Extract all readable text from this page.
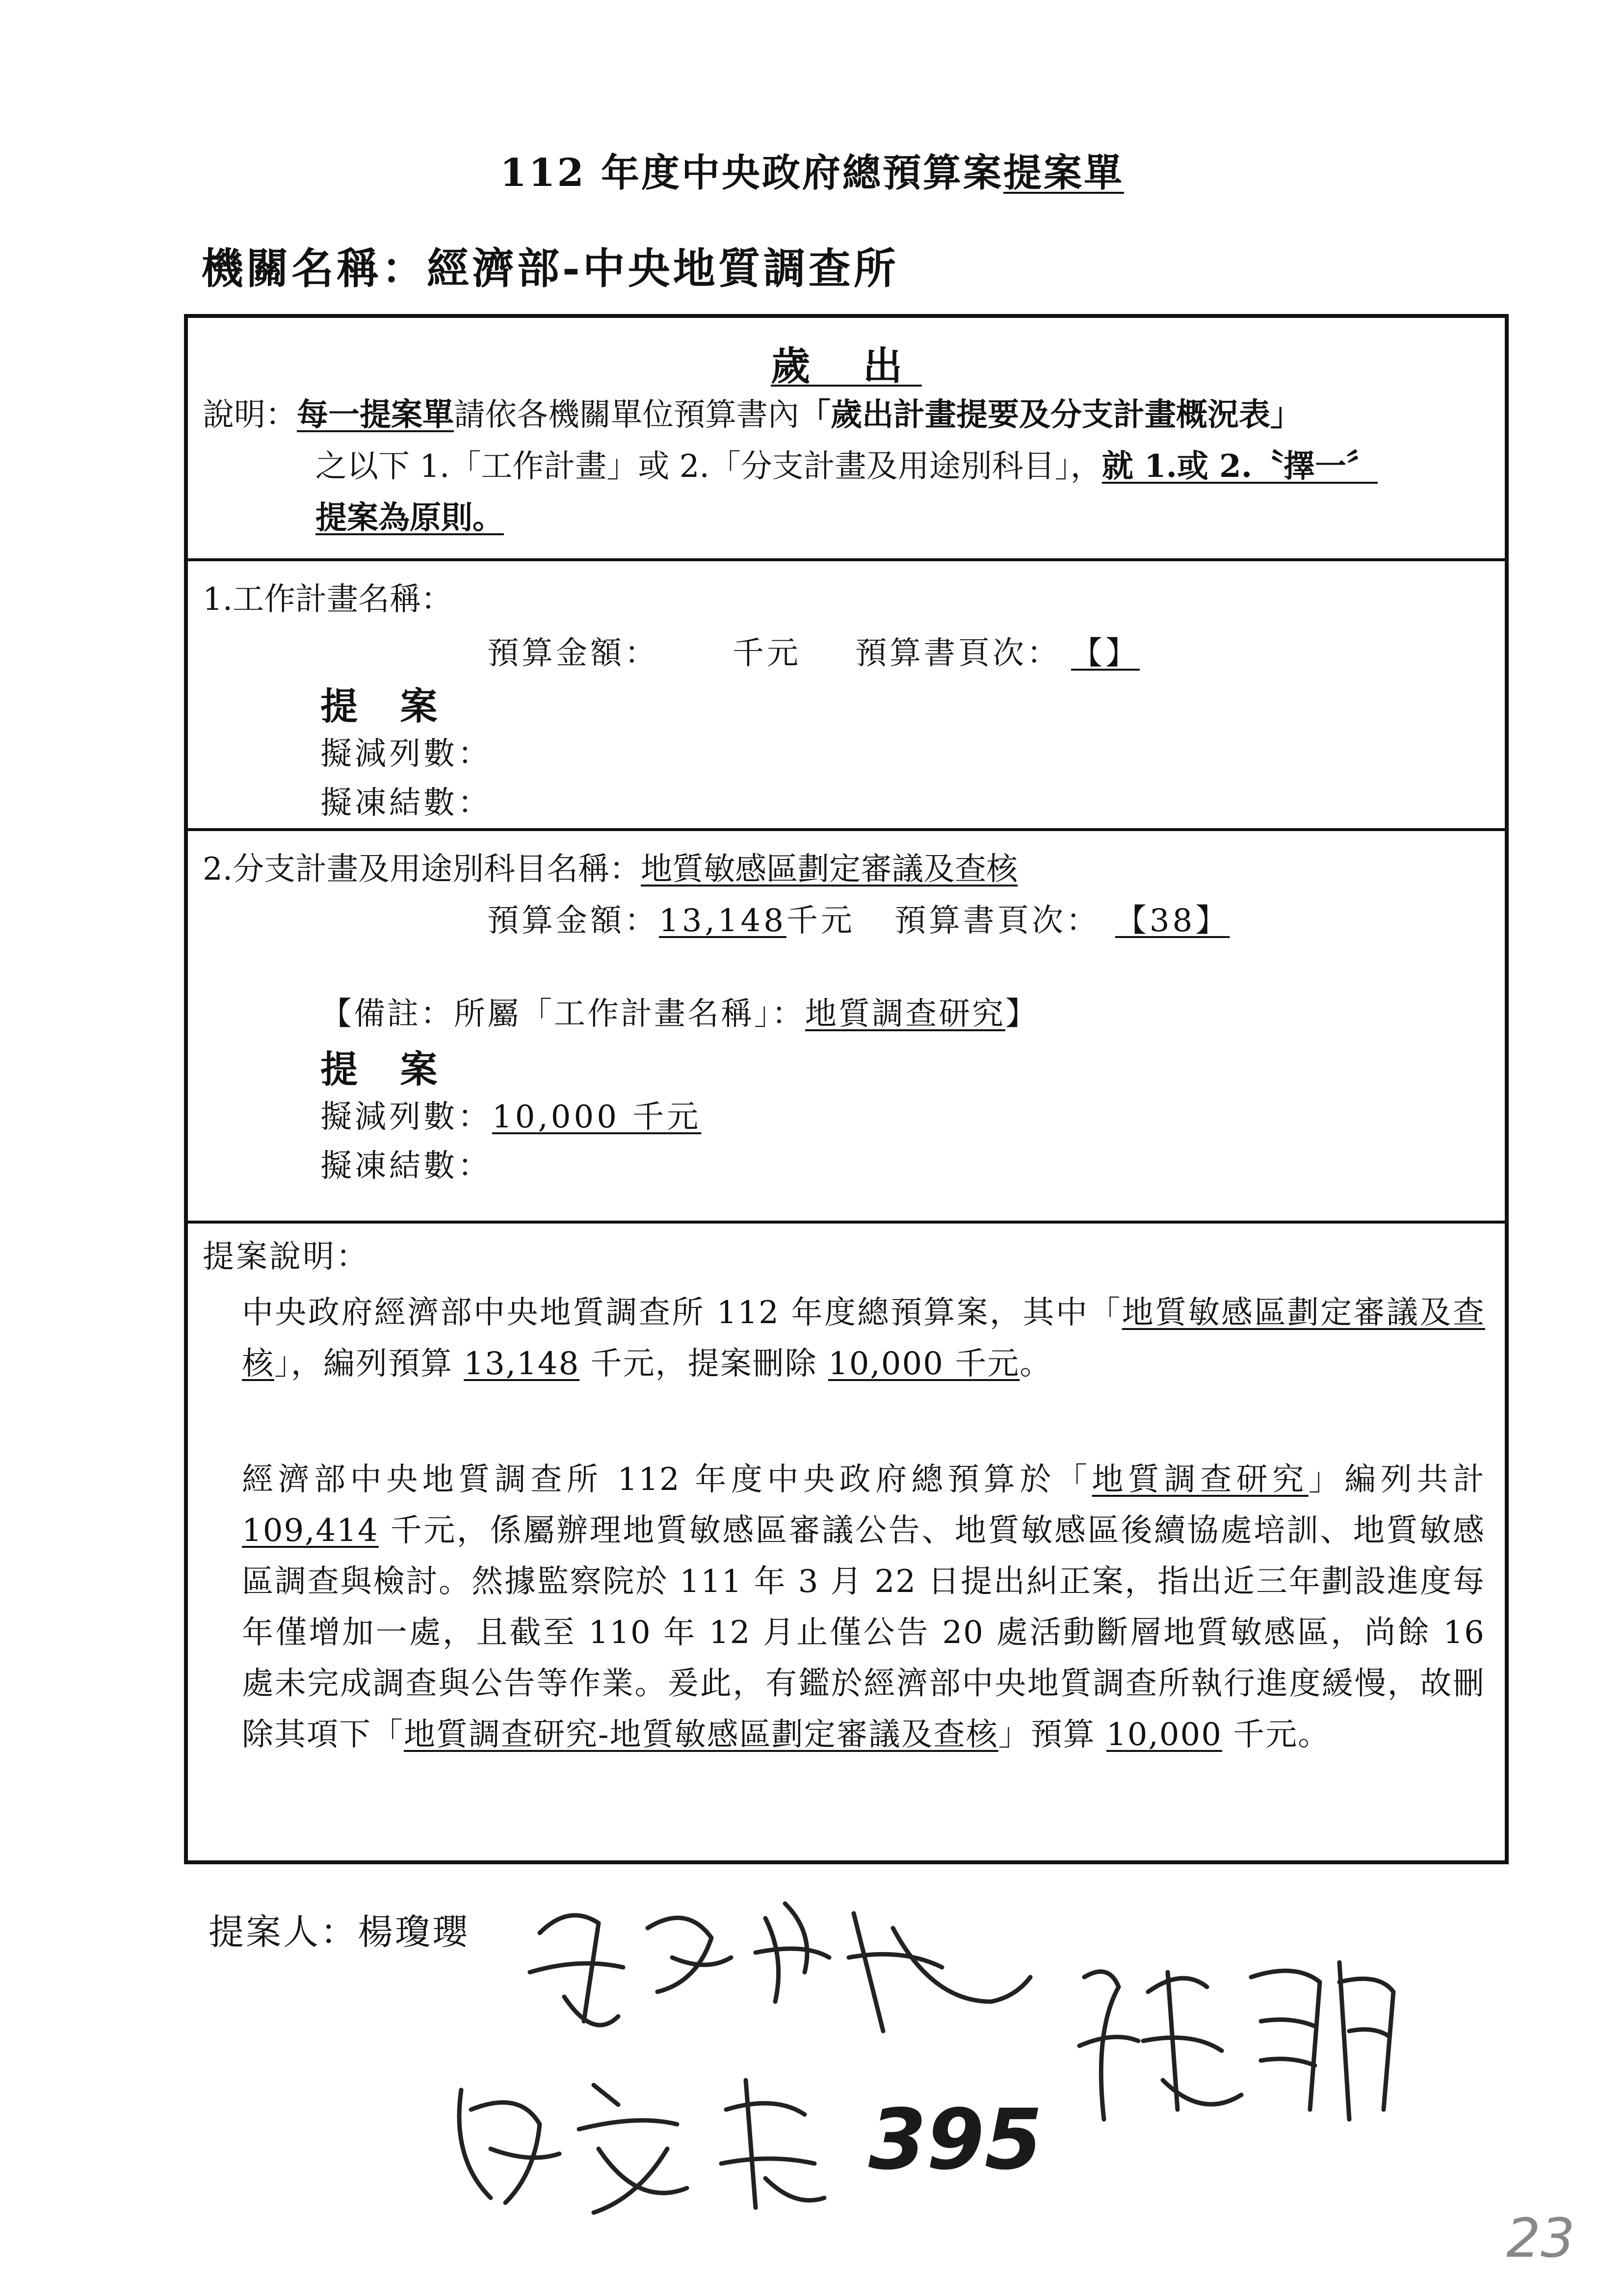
112 年度中央政府總預算案提案單
機關名稱：經濟部-中央地質調查所
歲 出
說明：每一提案單請依各機關單位預算書內「歲出計畫提要及分支計畫概況表」
之以下 1.「工作計畫」或 2.「分支計畫及用途別科目」，就 1.或 2.〝擇一〞
提案為原則。
1.工作計畫名稱：
預算金額： 千元 預算書頁次： 【】
提 案
擬減列數：
擬凍結數：
2.分支計畫及用途別科目名稱：地質敏感區劃定審議及查核
預算金額：13,148千元 預算書頁次： 【38】
【備註：所屬「工作計畫名稱」：地質調查研究】
提 案
擬減列數：10,000 千元
擬凍結數：
提案說明：
中央政府經濟部中央地質調查所 112 年度總預算案，其中「地質敏感區劃定審議及查核」，編列預算 13,148 千元，提案刪除 10,000 千元。
經濟部中央地質調查所 112 年度中央政府總預算於「地質調查研究」編列共計 109,414 千元，係屬辦理地質敏感區審議公告、地質敏感區後續協處培訓、地質敏感區調查與檢討。然據監察院於 111 年 3 月 22 日提出糾正案，指出近三年劃設進度每年僅增加一處，且截至 110 年 12 月止僅公告 20 處活動斷層地質敏感區，尚餘 16 處未完成調查與公告等作業。爰此，有鑑於經濟部中央地質調查所執行進度緩慢，故刪除其項下「地質調查研究-地質敏感區劃定審議及查核」預算 10,000 千元。
提案人：楊瓊瓔
395
23
